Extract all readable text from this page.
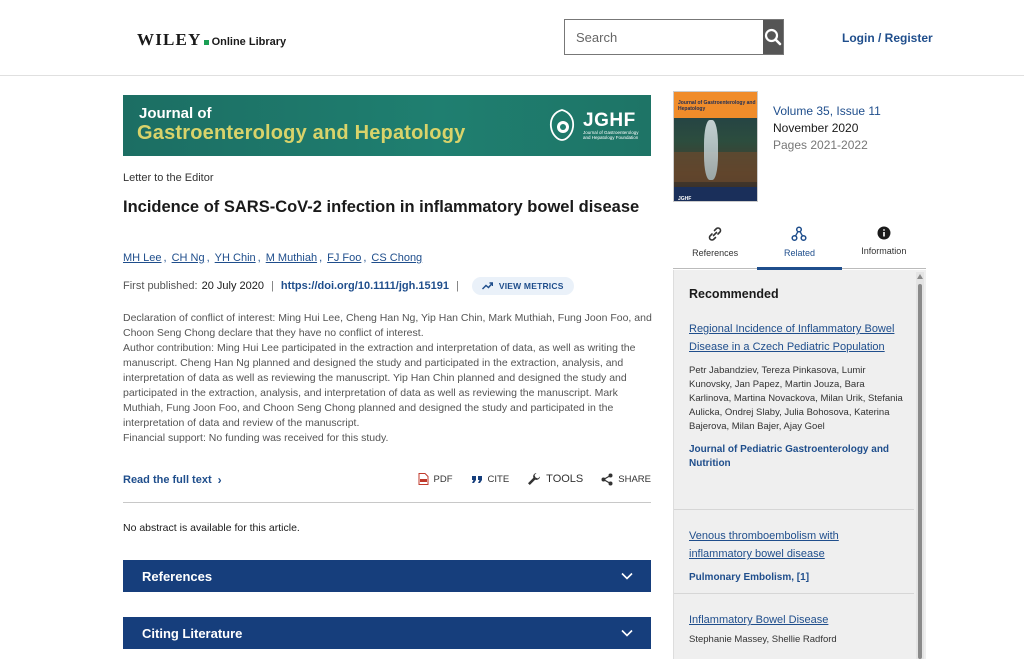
WILEY Online Library
Search	Login / Register
Journal of
Gastroenterology and Hepatology
JGHF
Journal of Gastroenterology and Hepatology Foundation
Letter to the Editor
Incidence of SARS-CoV-2 infection in inflammatory bowel disease
MH Lee , CH Ng , YH Chin , M Muthiah , FJ Foo , CS Chong
First published: 20 July 2020 | https://doi.org/10.1111/jgh.15191 |	VIEW METRICS

Declaration of conflict of interest: Ming Hui Lee, Cheng Han Ng, Yip Han Chin, Mark Muthiah, Fung Joon Foo, and Choon Seng Chong declare that they have no conflict of interest.

Author contribution: Ming Hui Lee participated in the extraction and interpretation of data, as well as writing the manuscript. Cheng Han Ng planned and designed the study and participated in the extraction, analysis, and interpretation of data as well as reviewing the manuscript. Yip Han Chin planned and designed the study and participated in the extraction, analysis, and interpretation of data as well as reviewing the manuscript. Mark Muthiah, Fung Joon Foo, and Choon Seng Chong planned and designed the study and participated in the interpretation of data and review of the manuscript.

Financial support: No funding was received for this study.

Read the full text ›	PDF	CITE	TOOLS	SHARE
No abstract is available for this article.
References
Citing Literature
Journal of Gastroenterology and Hepatology
JGHF
Volume 35, Issue 11
November 2020
Pages 2021-2022
References	Related	Information
Recommended
Regional Incidence of Inflammatory Bowel Disease in a Czech Pediatric Population
Petr Jabandziev, Tereza Pinkasova, Lumir Kunovsky, Jan Papez, Martin Jouza, Bara Karlinova, Martina Novackova, Milan Urik, Stefania Aulicka, Ondrej Slaby, Julia Bohosova, Katerina Bajerova, Milan Bajer, Ajay Goel
Journal of Pediatric Gastroenterology and Nutrition
Venous thromboembolism with inflammatory bowel disease
Pulmonary Embolism, [1]
Inflammatory Bowel Disease
Stephanie Massey, Shellie Radford
